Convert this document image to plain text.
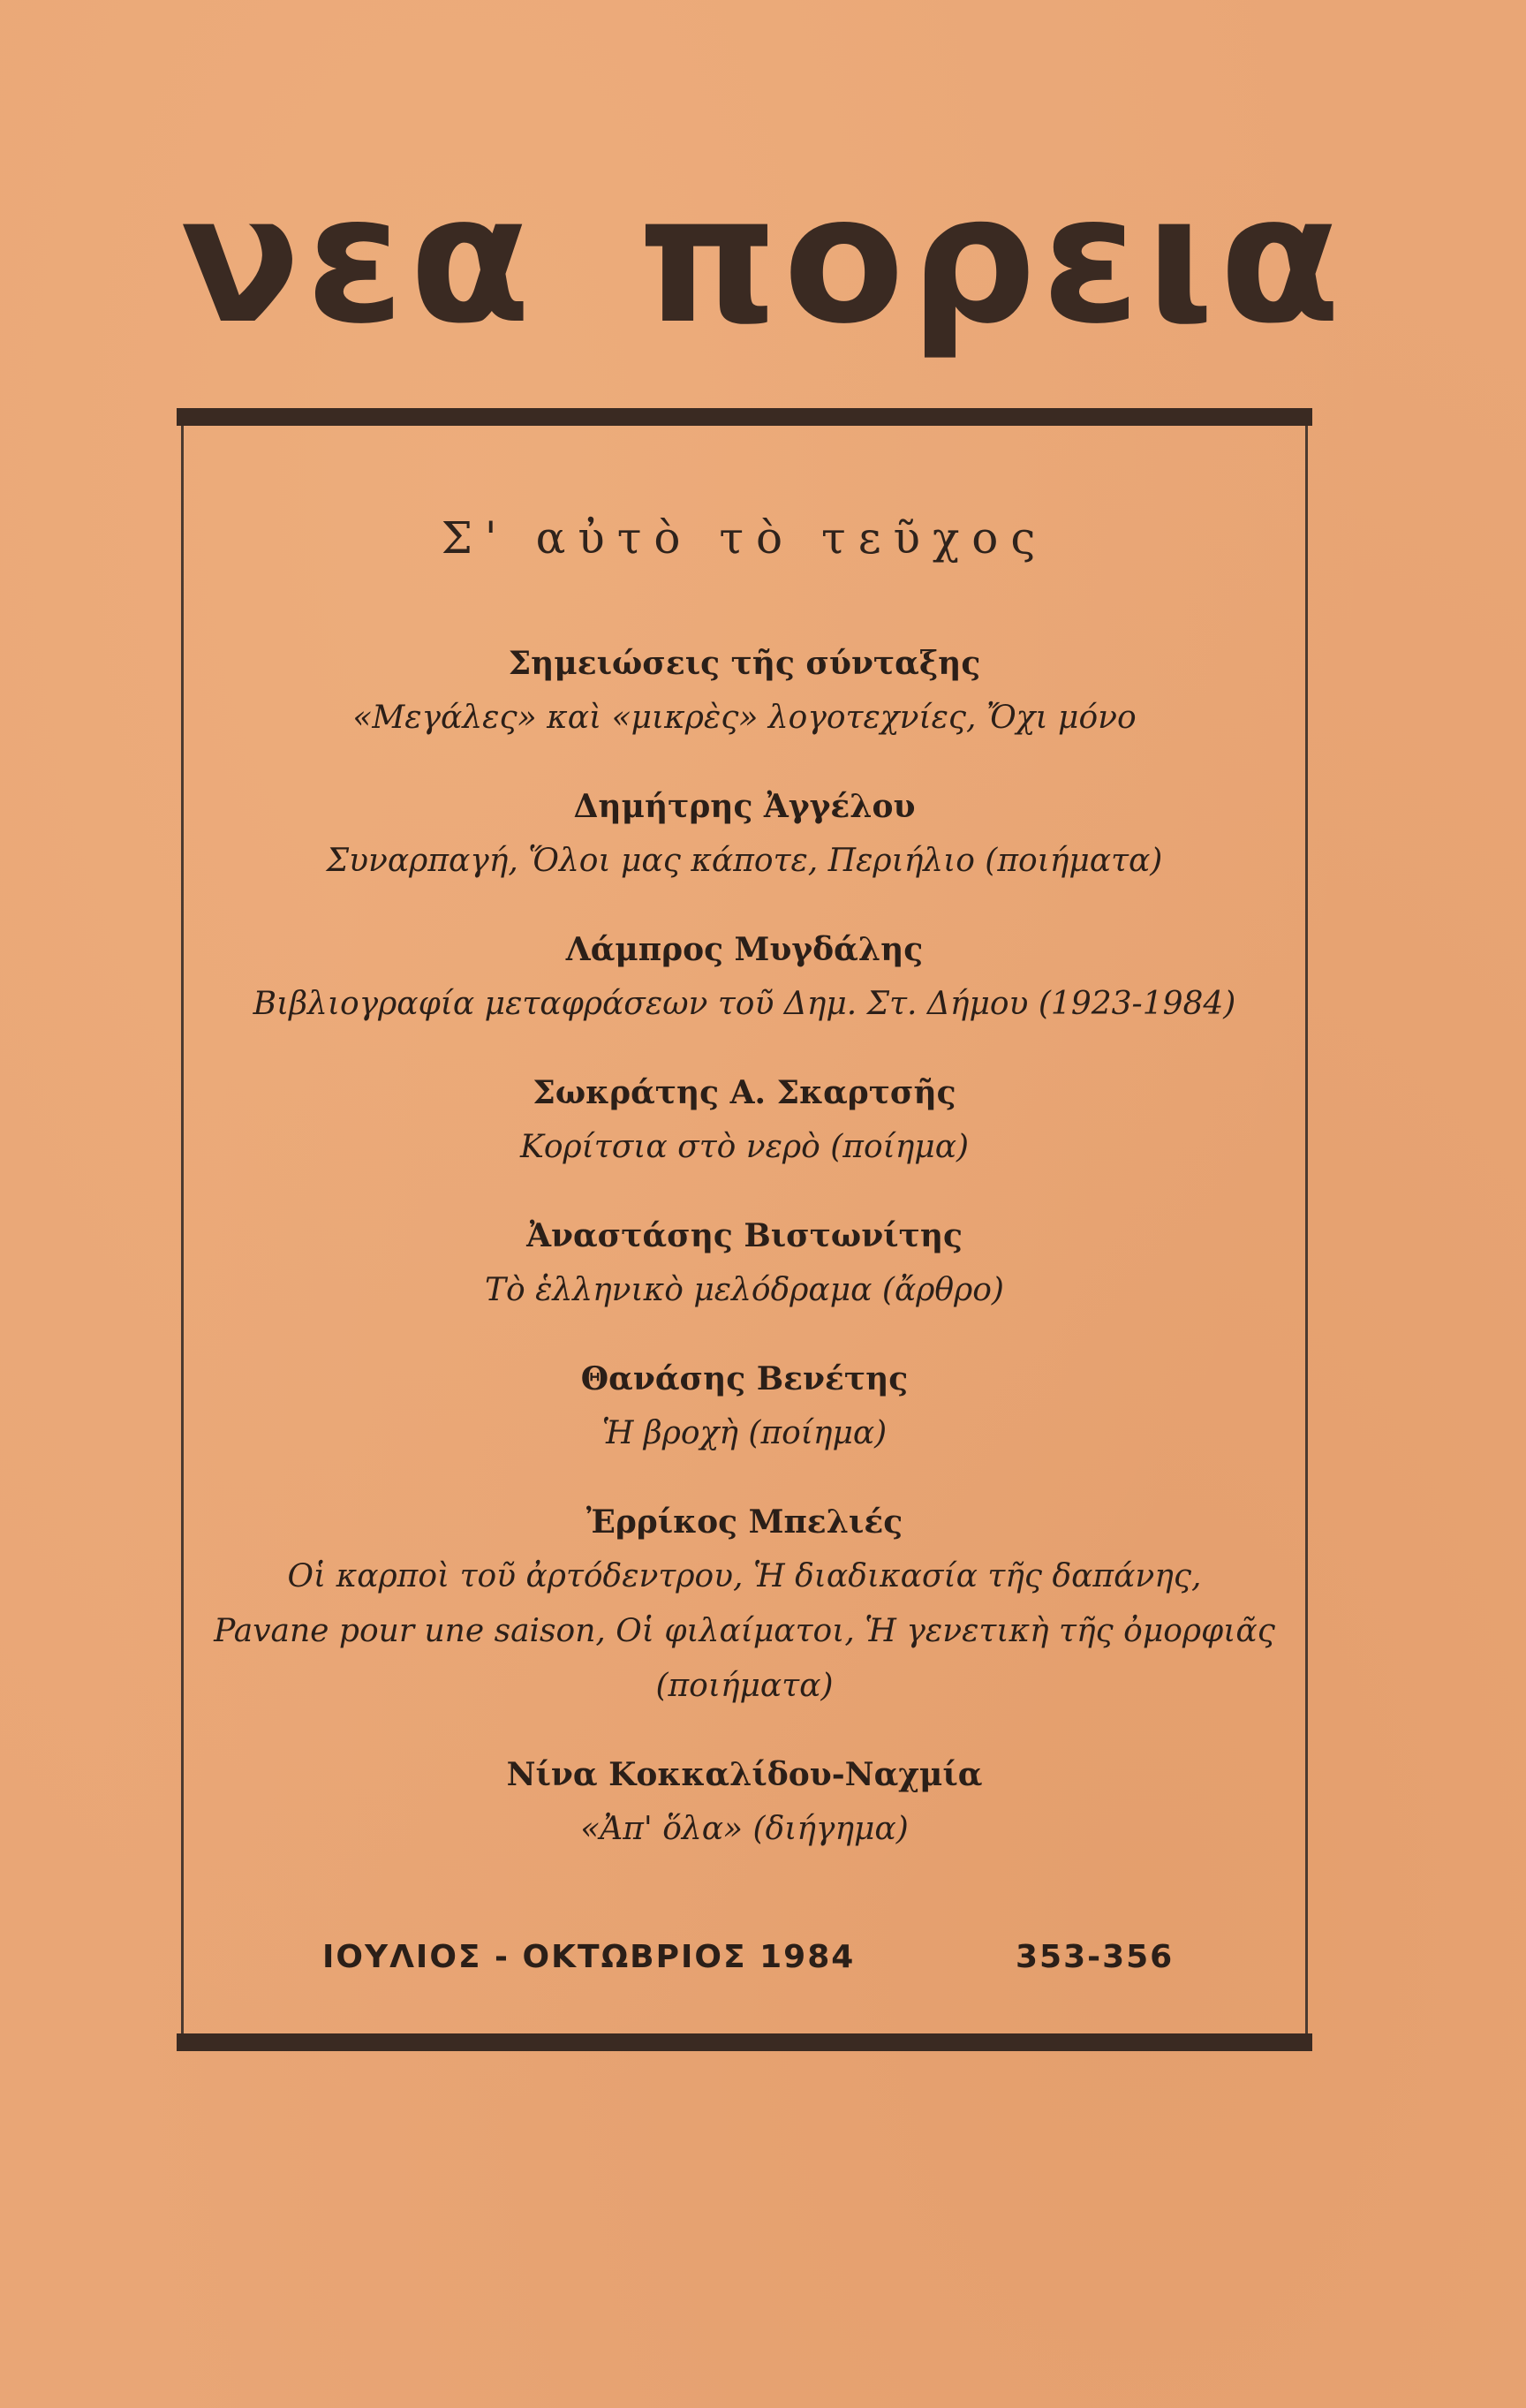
νεα πορεια
Σ' αὐτὸ τὸ τεῦχος
Σημειώσεις τῆς σύνταξης
«Μεγάλες» καὶ «μικρὲς» λογοτεχνίες, Ὄχι μόνο
Δημήτρης Ἀγγέλου
Συναρπαγή, Ὅλοι μας κάποτε, Περιήλιο (ποιήματα)
Λάμπρος Μυγδάλης
Βιβλιογραφία μεταφράσεων τοῦ Δημ. Στ. Δήμου (1923-1984)
Σωκράτης Α. Σκαρτσῆς
Κορίτσια στὸ νερὸ (ποίημα)
Ἀναστάσης Βιστωνίτης
Τὸ ἑλληνικὸ μελόδραμα (ἄρθρο)
Θανάσης Βενέτης
Ἡ βροχὴ (ποίημα)
Ἐρρίκος Μπελιές
Οἱ καρποὶ τοῦ ἀρτόδεντρου, Ἡ διαδικασία τῆς δαπάνης,
Pavane pour une saison, Οἱ φιλαίματοι, Ἡ γενετικὴ τῆς ὀμορφιᾶς
(ποιήματα)
Νίνα Κοκκαλίδου-Ναχμία
«Ἀπ' ὅλα» (διήγημα)
ΙΟΥΛΙΟΣ - ΟΚΤΩΒΡΙΟΣ 1984	353-356
